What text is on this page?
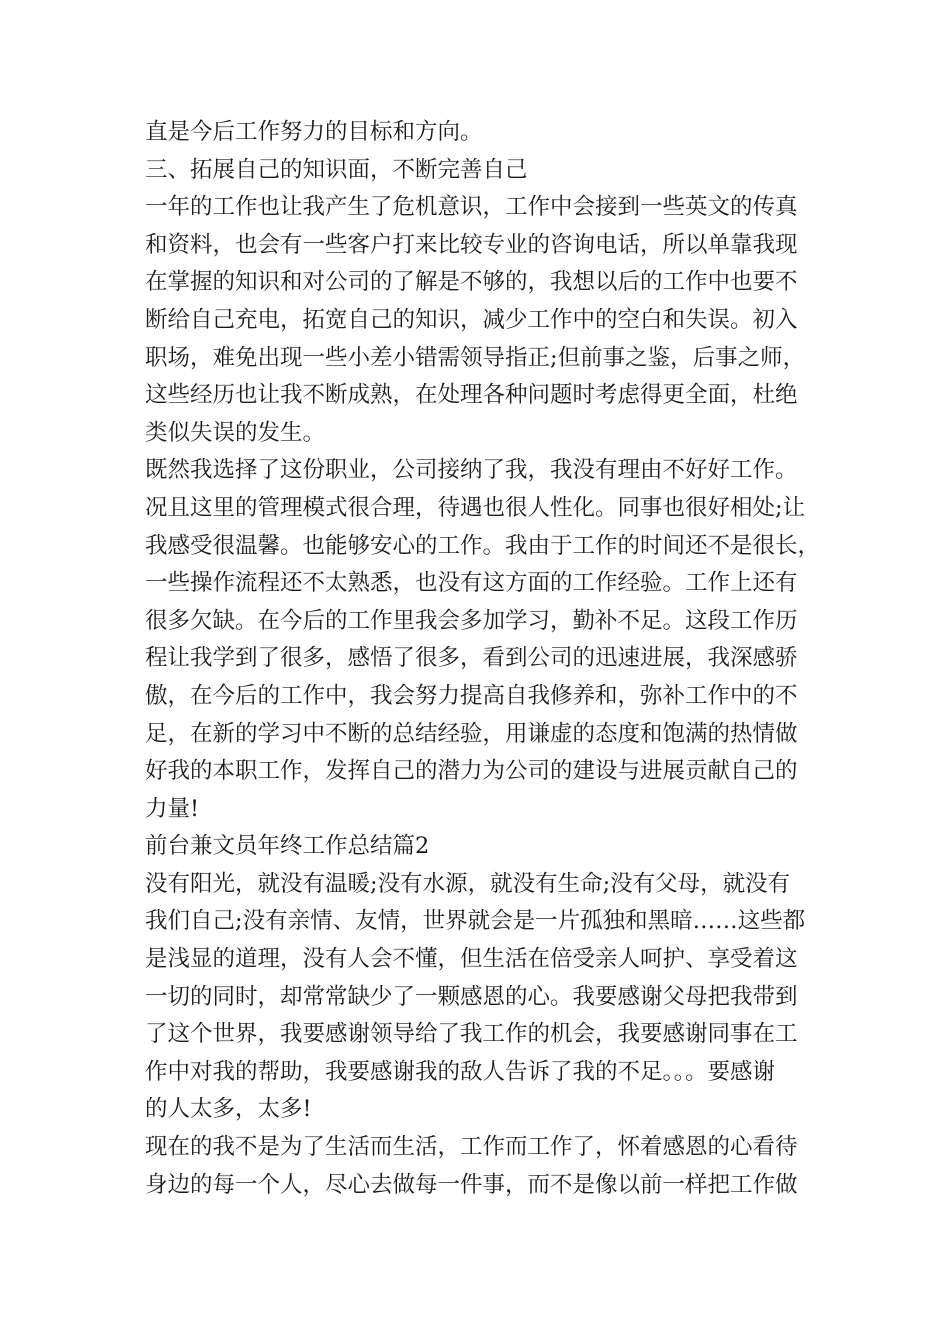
直是今后工作努力的目标和方向。
三、拓展自己的知识面，不断完善自己
一年的工作也让我产生了危机意识，工作中会接到一些英文的传真
和资料，也会有一些客户打来比较专业的咨询电话，所以单靠我现
在掌握的知识和对公司的了解是不够的，我想以后的工作中也要不
断给自己充电，拓宽自己的知识，减少工作中的空白和失误。初入
职场，难免出现一些小差小错需领导指正;但前事之鉴，后事之师，
这些经历也让我不断成熟，在处理各种问题时考虑得更全面，杜绝
类似失误的发生。
既然我选择了这份职业，公司接纳了我，我没有理由不好好工作。
况且这里的管理模式很合理，待遇也很人性化。同事也很好相处;让
我感受很温馨。也能够安心的工作。我由于工作的时间还不是很长，
一些操作流程还不太熟悉，也没有这方面的工作经验。工作上还有
很多欠缺。在今后的工作里我会多加学习，勤补不足。这段工作历
程让我学到了很多，感悟了很多，看到公司的迅速进展，我深感骄
傲，在今后的工作中，我会努力提高自我修养和，弥补工作中的不
足，在新的学习中不断的总结经验，用谦虚的态度和饱满的热情做
好我的本职工作，发挥自己的潜力为公司的建设与进展贡献自己的
力量!
前台兼文员年终工作总结篇2
没有阳光，就没有温暖;没有水源，就没有生命;没有父母，就没有
我们自己;没有亲情、友情，世界就会是一片孤独和黑暗……这些都
是浅显的道理，没有人会不懂，但生活在倍受亲人呵护、享受着这
一切的同时，却常常缺少了一颗感恩的心。我要感谢父母把我带到
了这个世界，我要感谢领导给了我工作的机会，我要感谢同事在工
作中对我的帮助，我要感谢我的敌人告诉了我的不足。。。要感谢
的人太多，太多!
现在的我不是为了生活而生活，工作而工作了，怀着感恩的心看待
身边的每一个人，尽心去做每一件事，而不是像以前一样把工作做
